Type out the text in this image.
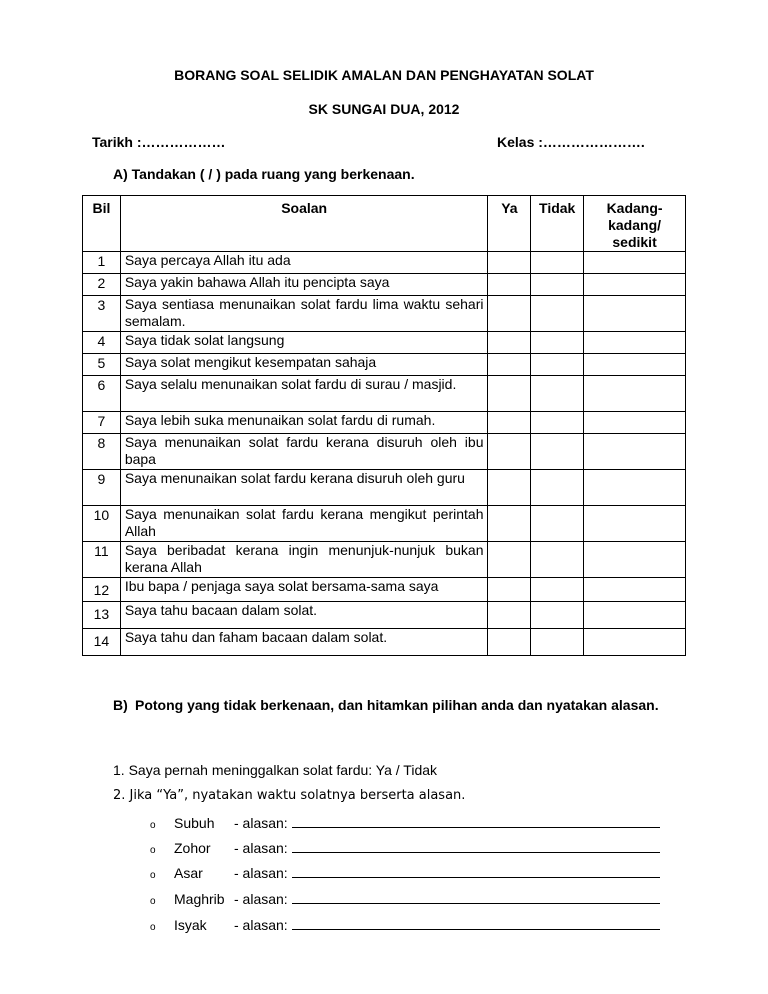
BORANG SOAL SELIDIK AMALAN DAN PENGHAYATAN SOLAT
SK SUNGAI DUA, 2012
Tarikh :………………	Kelas :………………….
A) Tandakan ( / ) pada ruang yang berkenaan.
Bil	Soalan	Ya	Tidak	Kadang-kadang/ sedikit
1	Saya percaya Allah itu ada			
2	Saya yakin bahawa Allah itu pencipta saya			
3	Saya sentiasa menunaikan solat fardu lima waktu sehari semalam.			
4	Saya tidak solat langsung			
5	Saya solat mengikut kesempatan sahaja			
6	Saya selalu menunaikan solat fardu di surau / masjid.			
7	Saya lebih suka menunaikan solat fardu di rumah.			
8	Saya menunaikan solat fardu kerana disuruh oleh ibu bapa			
9	Saya menunaikan solat fardu kerana disuruh oleh guru			
10	Saya menunaikan solat fardu kerana mengikut perintah Allah			
11	Saya beribadat kerana ingin menunjuk-nunjuk bukan kerana Allah			
12	Ibu bapa / penjaga saya solat bersama-sama saya			
13	Saya tahu bacaan dalam solat.			
14	Saya tahu dan faham bacaan dalam solat.			
B) Potong yang tidak berkenaan, dan hitamkan pilihan anda dan nyatakan alasan.
1. Saya pernah meninggalkan solat fardu: Ya / Tidak
2. Jika “Ya”, nyatakan waktu solatnya berserta alasan.
o Subuh - alasan:
o Zohor - alasan:
o Asar - alasan:
o Maghrib - alasan:
o Isyak - alasan:
